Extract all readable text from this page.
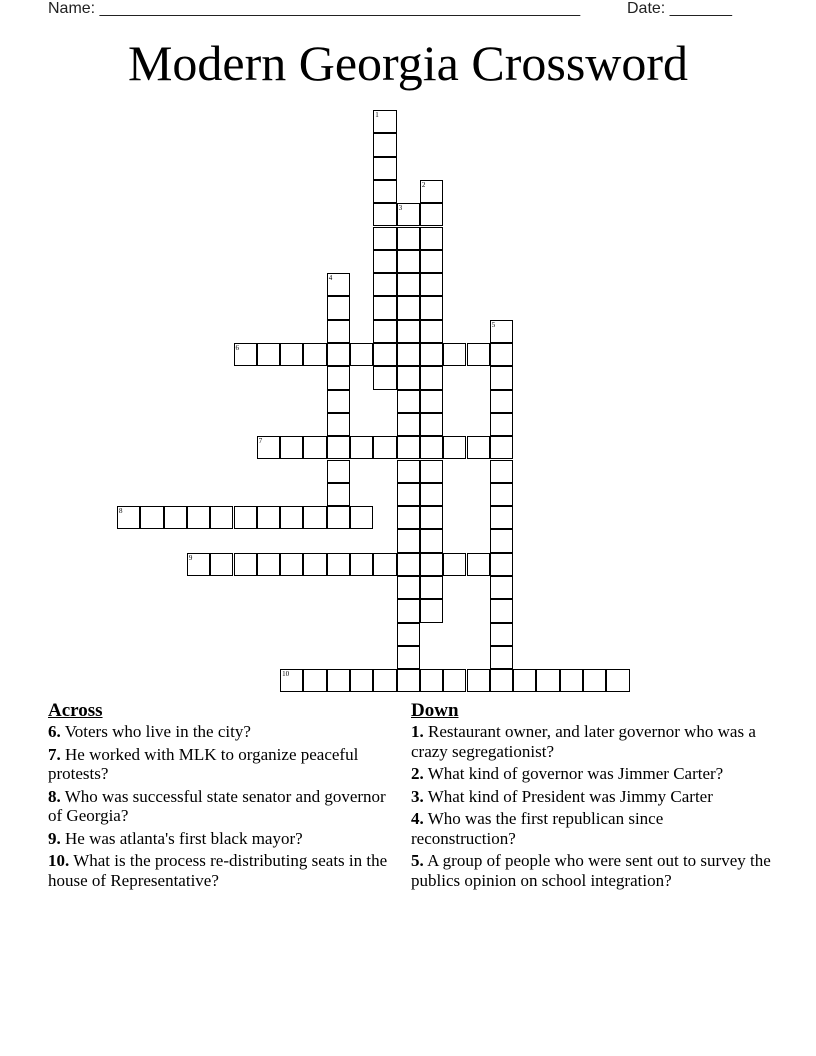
Name: ______________________________________________________	Date: _______
Modern Georgia Crossword
1
2
3
4
5
6
7
8
9
10
Across
6. Voters who live in the city?
7. He worked with MLK to organize peaceful protests?
8. Who was successful state senator and governor of Georgia?
9. He was atlanta's first black mayor?
10. What is the process re-distributing seats in the house of Representative?
Down
1. Restaurant owner, and later governor who was a crazy segregationist?
2. What kind of governor was Jimmer Carter?
3. What kind of President was Jimmy Carter
4. Who was the first republican since reconstruction?
5. A group of people who were sent out to survey the publics opinion on school integration?
